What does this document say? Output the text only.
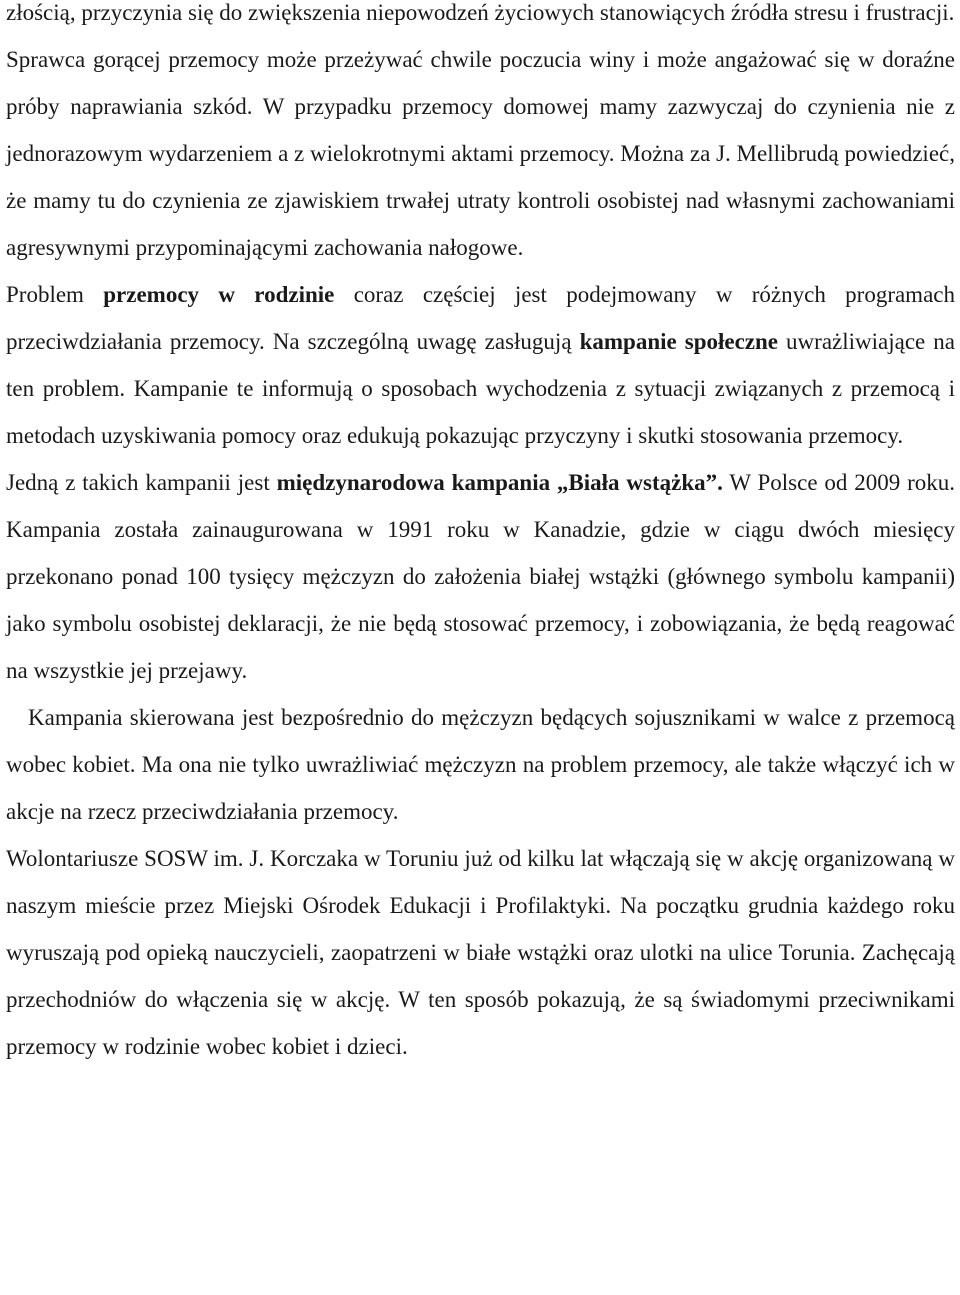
złością, przyczynia się do zwiększenia niepowodzeń życiowych stanowiących źródła stresu i frustracji.

Sprawca gorącej przemocy może przeżywać chwile poczucia winy i może angażować się w doraźne próby naprawiania szkód. W przypadku przemocy domowej mamy zazwyczaj do czynienia nie z jednorazowym wydarzeniem a z wielokrotnymi aktami przemocy. Można za J. Mellibrudą powiedzieć, że mamy tu do czynienia ze zjawiskiem trwałej utraty kontroli osobistej nad własnymi zachowaniami agresywnymi przypominającymi zachowania nałogowe.

Problem przemocy w rodzinie coraz częściej jest podejmowany w różnych programach przeciwdziałania przemocy. Na szczególną uwagę zasługują kampanie społeczne uwrażliwiające na ten problem. Kampanie te informują o sposobach wychodzenia z sytuacji związanych z przemocą i metodach uzyskiwania pomocy oraz edukują pokazując przyczyny i skutki stosowania przemocy.

Jedną z takich kampanii jest międzynarodowa kampania „Biała wstążka”. W Polsce od 2009 roku. Kampania została zainaugurowana w 1991 roku w Kanadzie, gdzie w ciągu dwóch miesięcy przekonano ponad 100 tysięcy mężczyzn do założenia białej wstążki (głównego symbolu kampanii) jako symbolu osobistej deklaracji, że nie będą stosować przemocy, i zobowiązania, że będą reagować na wszystkie jej przejawy.

Kampania skierowana jest bezpośrednio do mężczyzn będących sojusznikami w walce z przemocą wobec kobiet. Ma ona nie tylko uwrażliwiać mężczyzn na problem przemocy, ale także włączyć ich w akcje na rzecz przeciwdziałania przemocy.

Wolontariusze SOSW im. J. Korczaka w Toruniu już od kilku lat włączają się w akcję organizowaną w naszym mieście przez Miejski Ośrodek Edukacji i Profilaktyki. Na początku grudnia każdego roku wyruszają pod opieką nauczycieli, zaopatrzeni w białe wstążki oraz ulotki na ulice Torunia. Zachęcają przechodniów do włączenia się w akcję. W ten sposób pokazują, że są świadomymi przeciwnikami przemocy w rodzinie wobec kobiet i dzieci.
